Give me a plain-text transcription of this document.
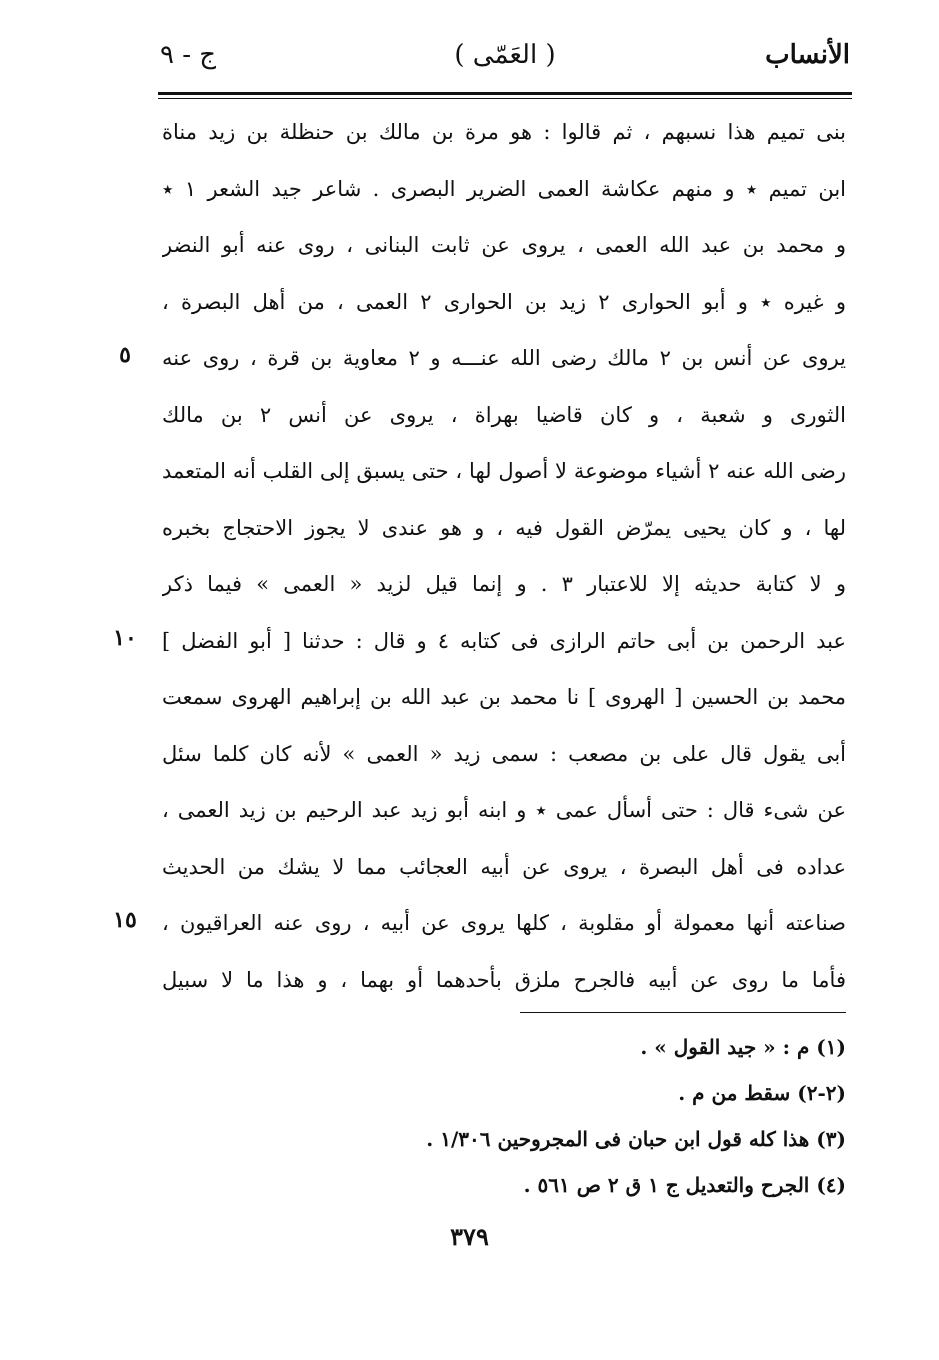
الأنساب
( العَمّى )
ج - ٩
بنى تميم هذا نسبهم ، ثم قالوا : هو مرة بن مالك بن حنظلة بن زيد مناة
ابن تميم ٭ و منهم عكاشة العمى الضرير البصرى . شاعر جيد الشعر ١ ٭
و محمد بن عبد الله العمى ، يروى عن ثابت البنانى ، روى عنه أبو النضر
و غيره ٭ و أبو الحوارى ٢ زيد بن الحوارى ٢ العمى ، من أهل البصرة ،
يروى عن أنس بن ٢ مالك رضى الله عنـــه و ٢ معاوية بن قرة ، روى عنه
الثورى و شعبة ، و كان قاضيا بهراة ، يروى عن أنس ٢ بن مالك
رضى الله عنه ٢ أشياء موضوعة لا أصول لها ، حتى يسبق إلى القلب أنه المتعمد
لها ، و كان يحيى يمرّض القول فيه ، و هو عندى لا يجوز الاحتجاج بخبره
و لا كتابة حديثه إلا للاعتبار ٣ . و إنما قيل لزيد « العمى » فيما ذكر
عبد الرحمن بن أبى حاتم الرازى فى كتابه ٤ و قال : حدثنا [ أبو الفضل ]
محمد بن الحسين [ الهروى ] نا محمد بن عبد الله بن إبراهيم الهروى سمعت
أبى يقول قال على بن مصعب : سمى زيد « العمى » لأنه كان كلما سئل
عن شىء قال : حتى أسأل عمى ٭ و ابنه أبو زيد عبد الرحيم بن زيد العمى ،
عداده فى أهل البصرة ، يروى عن أبيه العجائب مما لا يشك من الحديث
صناعته أنها معمولة أو مقلوبة ، كلها يروى عن أبيه ، روى عنه العراقيون ،
فأما ما روى عن أبيه فالجرح ملزق بأحدهما أو بهما ، و هذا ما لا سبيل
٥
١٠
١٥
(١) م : « جيد القول » .
(٢-٢) سقط من م .
(٣) هذا كله قول ابن حبان فى المجروحين ١/٣٠٦ .
(٤) الجرح والتعديل ج ١ ق ٢ ص ٥٦١ .
٣٧٩
